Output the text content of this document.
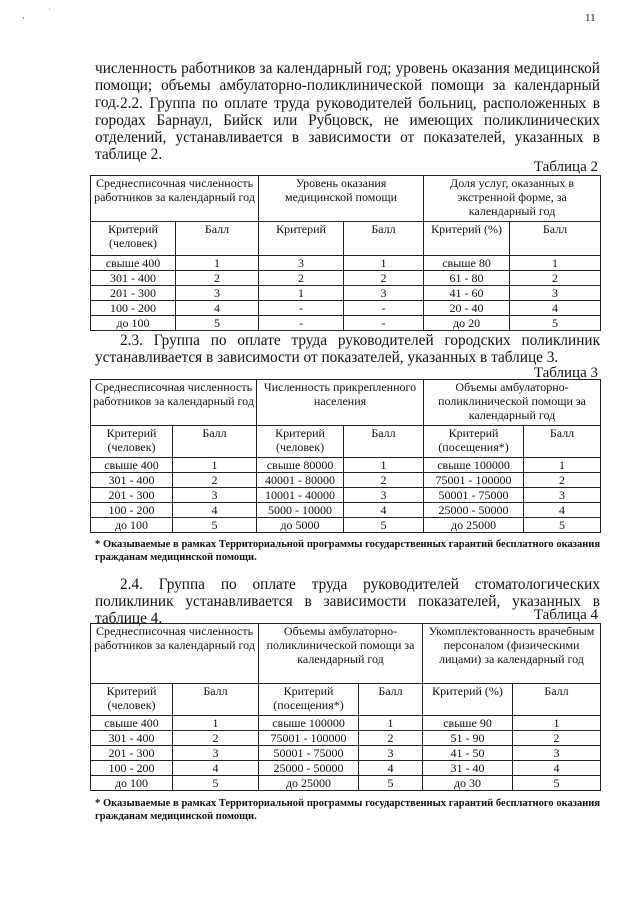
‚	˙	11
численность работников за календарный год; уровень оказания медицинской помощи; объемы амбулаторно-поликлинической помощи за календарный год. 2.2. Группа по оплате труда руководителей больниц, расположенных в городах Барнаул, Бийск или Рубцовск, не имеющих поликлинических отделений, устанавливается в зависимости от показателей, указанных в таблице 2.
Таблица 2
Среднесписочная численность работников за календарный год		Уровень оказания медицинской помощи		Доля услуг, оказанных в экстренной форме, за календарный год	
Критерий (человек)	Балл	Критерий	Балл	Критерий (%)	Балл
свыше 400	1	3	1	свыше 80	1
301 - 400	2	2	2	61 - 80	2
201 - 300	3	1	3	41 - 60	3
100 - 200	4	-	-	20 - 40	4
до 100	5	-	-	до 20	5
2.3. Группа по оплате труда руководителей городских поликлиник устанавливается в зависимости от показателей, указанных в таблице 3.
Таблица 3
Среднесписочная численность работников за календарный год		Численность прикрепленного населения		Объемы амбулаторно-поликлинической помощи за календарный год	
Критерий (человек)	Балл	Критерий (человек)	Балл	Критерий (посещения*)	Балл
свыше 400	1	свыше 80000	1	свыше 100000	1
301 - 400	2	40001 - 80000	2	75001 - 100000	2
201 - 300	3	10001 - 40000	3	50001 - 75000	3
100 - 200	4	5000 - 10000	4	25000 - 50000	4
до 100	5	до 5000	5	до 25000	5
* Оказываемые в рамках Территориальной программы государственных гарантий бесплатного оказания гражданам медицинской помощи.
2.4. Группа по оплате труда руководителей стоматологических поликлиник устанавливается в зависимости показателей, указанных в таблице 4.	Таблица 4
Среднесписочная численность работников за календарный год		Объемы амбулаторно-поликлинической помощи за календарный год		Укомплектованность врачебным персоналом (физическими лицами) за календарный год	
Критерий (человек)	Балл	Критерий (посещения*)	Балл	Критерий (%)	Балл
свыше 400	1	свыше 100000	1	свыше 90	1
301 - 400	2	75001 - 100000	2	51 - 90	2
201 - 300	3	50001 - 75000	3	41 - 50	3
100 - 200	4	25000 - 50000	4	31 - 40	4
до 100	5	до 25000	5	до 30	5
* Оказываемые в рамках Территориальной программы государственных гарантий бесплатного оказания гражданам медицинской помощи.
